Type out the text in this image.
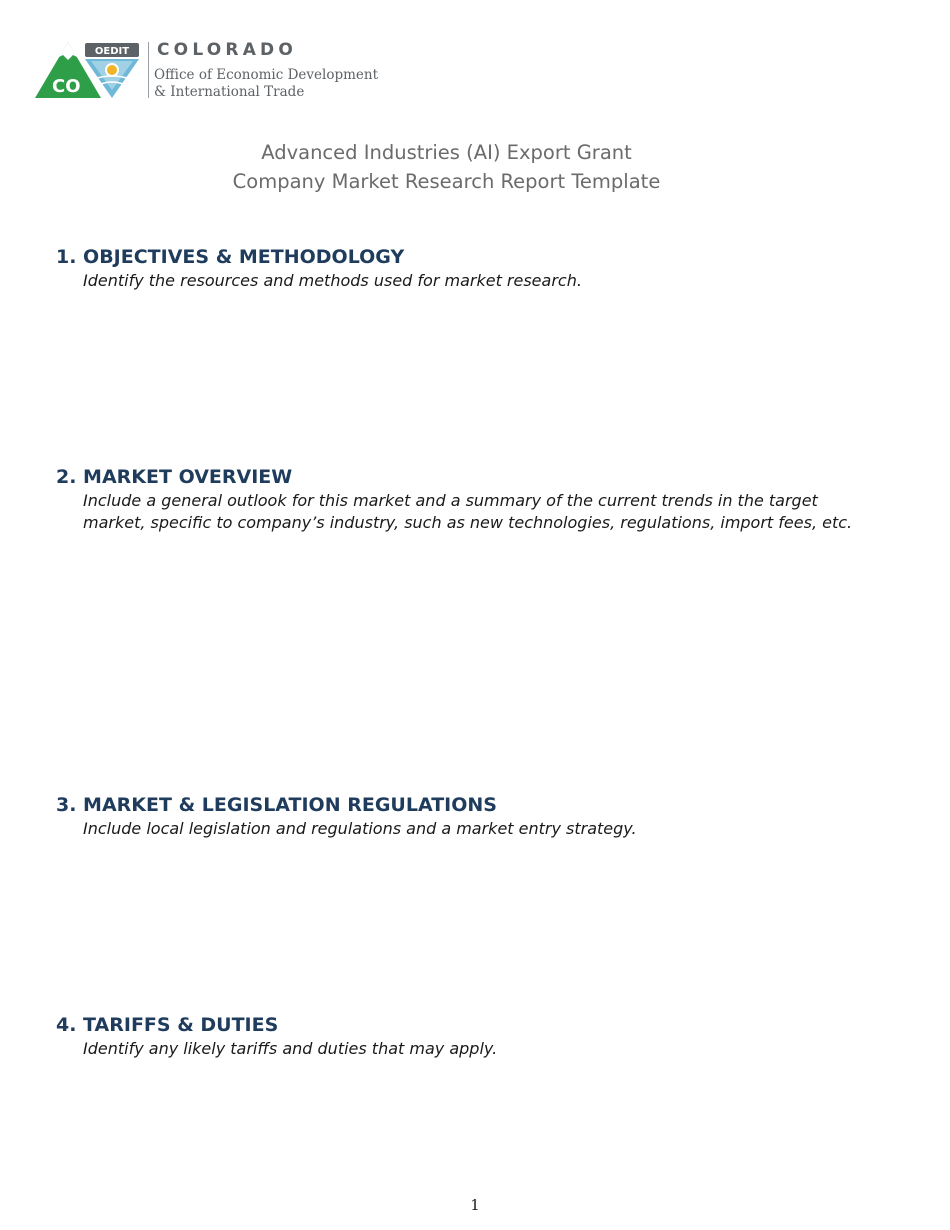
CO
OEDIT COLORADO
Office of Economic Development
& International Trade
Advanced Industries (AI) Export Grant
Company Market Research Report Template
1. OBJECTIVES & METHODOLOGY

Identify the resources and methods used for market research.

2. MARKET OVERVIEW

Include a general outlook for this market and a summary of the current trends in the target market, specific to company’s industry, such as new technologies, regulations, import fees, etc.

3. MARKET & LEGISLATION REGULATIONS

Include local legislation and regulations and a market entry strategy.

4. TARIFFS & DUTIES

Identify any likely tariffs and duties that may apply.

1
